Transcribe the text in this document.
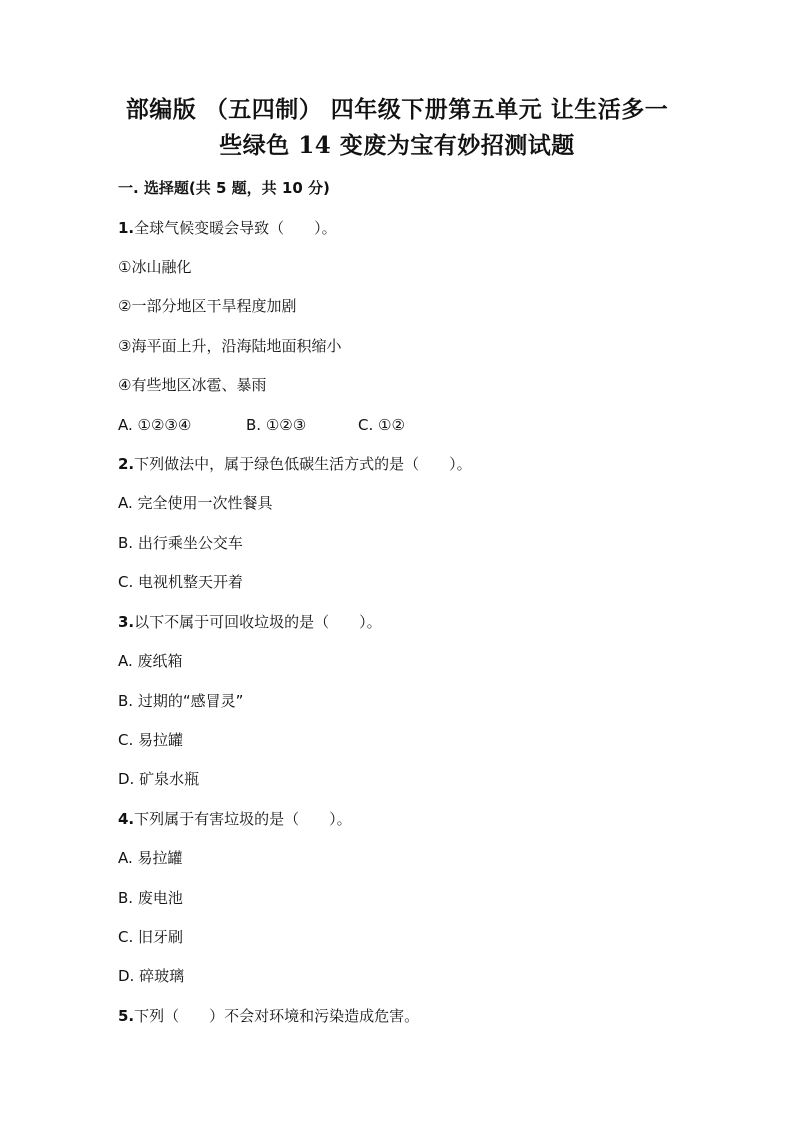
部编版 （五四制） 四年级下册第五单元 让生活多一
些绿色 14 变废为宝有妙招测试题
一. 选择题(共 5 题，共 10 分)
1.全球气候变暖会导致（　　）。
①冰山融化
②一部分地区干旱程度加剧
③海平面上升，沿海陆地面积缩小
④有些地区冰雹、暴雨
A. ①②③④	B. ①②③	C. ①②
2.下列做法中，属于绿色低碳生活方式的是（　　）。
A. 完全使用一次性餐具
B. 出行乘坐公交车
C. 电视机整天开着
3.以下不属于可回收垃圾的是（　　）。
A. 废纸箱
B. 过期的“感冒灵”
C. 易拉罐
D. 矿泉水瓶
4.下列属于有害垃圾的是（　　）。
A. 易拉罐
B. 废电池
C. 旧牙刷
D. 碎玻璃
5.下列（　　）不会对环境和污染造成危害。
